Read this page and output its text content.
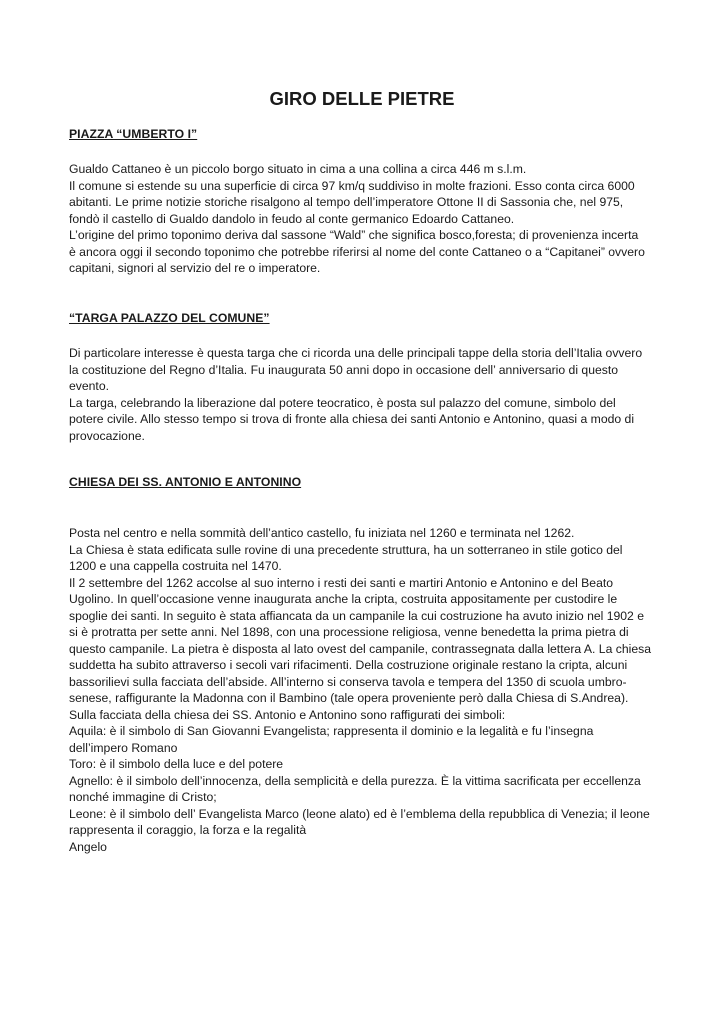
GIRO DELLE PIETRE
PIAZZA “UMBERTO I”

Gualdo Cattaneo è un piccolo borgo situato in cima a una collina a circa 446 m s.l.m.
Il comune si estende su una superficie di circa 97 km/q suddiviso in molte frazioni. Esso conta circa 6000
abitanti. Le prime notizie storiche risalgono al tempo dell’imperatore Ottone II di Sassonia che, nel 975,
fondò il castello di Gualdo dandolo in feudo al conte germanico Edoardo Cattaneo.
L’origine del primo toponimo deriva dal sassone “Wald” che significa bosco,foresta; di provenienza incerta
è ancora oggi il secondo toponimo che potrebbe riferirsi al nome del conte Cattaneo o a “Capitanei” ovvero
capitani, signori al servizio del re o imperatore.

“TARGA PALAZZO DEL COMUNE”

Di particolare interesse è questa targa che ci ricorda una delle principali tappe della storia dell’Italia ovvero
la costituzione del Regno d’Italia. Fu inaugurata 50 anni dopo in occasione dell’ anniversario di questo
evento.
La targa, celebrando la liberazione dal potere teocratico, è posta sul palazzo del comune, simbolo del
potere civile. Allo stesso tempo si trova di fronte alla chiesa dei santi Antonio e Antonino, quasi a modo di
provocazione.

CHIESA DEI SS. ANTONIO E ANTONINO

Posta nel centro e nella sommità dell’antico castello, fu iniziata nel 1260 e terminata nel 1262.
La Chiesa è stata edificata sulle rovine di una precedente struttura, ha un sotterraneo in stile gotico del
1200 e una cappella costruita nel 1470.
Il 2 settembre del 1262 accolse al suo interno i resti dei santi e martiri Antonio e Antonino e del Beato
Ugolino. In quell’occasione venne inaugurata anche la cripta, costruita appositamente per custodire le
spoglie dei santi. In seguito è stata affiancata da un campanile la cui costruzione ha avuto inizio nel 1902 e
si è protratta per sette anni. Nel 1898, con una processione religiosa, venne benedetta la prima pietra di
questo campanile. La pietra è disposta al lato ovest del campanile, contrassegnata dalla lettera A. La chiesa
suddetta ha subito attraverso i secoli vari rifacimenti. Della costruzione originale restano la cripta, alcuni
bassorilievi sulla facciata dell’abside. All’interno si conserva tavola e tempera del 1350 di scuola umbro-
senese, raffigurante la Madonna con il Bambino (tale opera proveniente però dalla Chiesa di S.Andrea).
Sulla facciata della chiesa dei SS. Antonio e Antonino sono raffigurati dei simboli:
Aquila: è il simbolo di San Giovanni Evangelista; rappresenta il dominio e la legalità e fu l’insegna
dell’impero Romano
Toro: è il simbolo della luce e del potere
Agnello: è il simbolo dell’innocenza, della semplicità e della purezza. È la vittima sacrificata per eccellenza
nonché immagine di Cristo;
Leone: è il simbolo dell’ Evangelista Marco (leone alato) ed è l’emblema della repubblica di Venezia; il leone
rappresenta il coraggio, la forza e la regalità
Angelo
